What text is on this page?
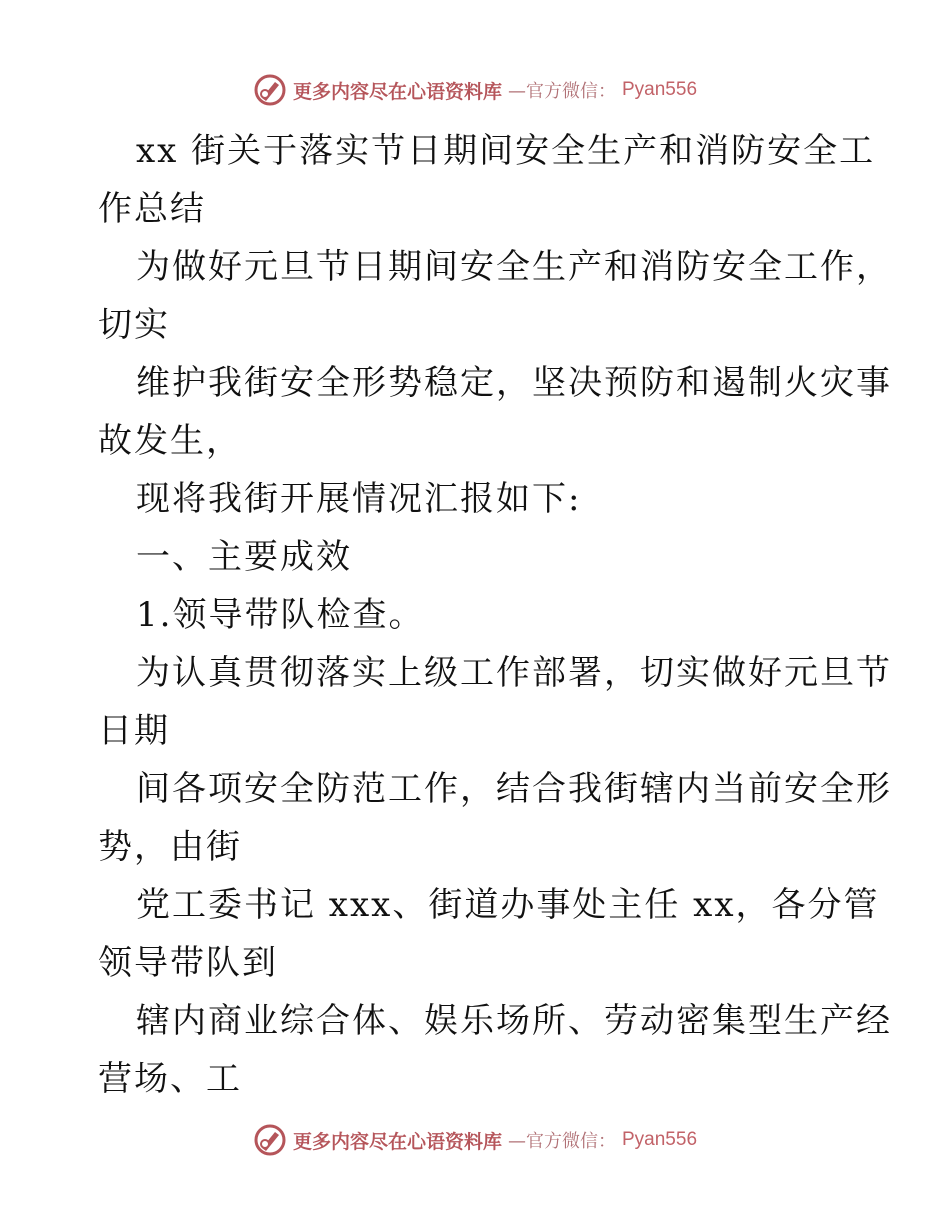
更多内容尽在心语资料库 —官方微信： Pyan556
xx 街关于落实节日期间安全生产和消防安全工
作总结
为做好元旦节日期间安全生产和消防安全工作，
切实
维护我街安全形势稳定，坚决预防和遏制火灾事
故发生，
现将我街开展情况汇报如下:
一、主要成效
1.领导带队检查。
为认真贯彻落实上级工作部署，切实做好元旦节
日期
间各项安全防范工作，结合我街辖内当前安全形
势，由街
党工委书记 xxx、街道办事处主任 xx，各分管
领导带队到
辖内商业综合体、娱乐场所、劳动密集型生产经
营场、工
更多内容尽在心语资料库 —官方微信： Pyan556
